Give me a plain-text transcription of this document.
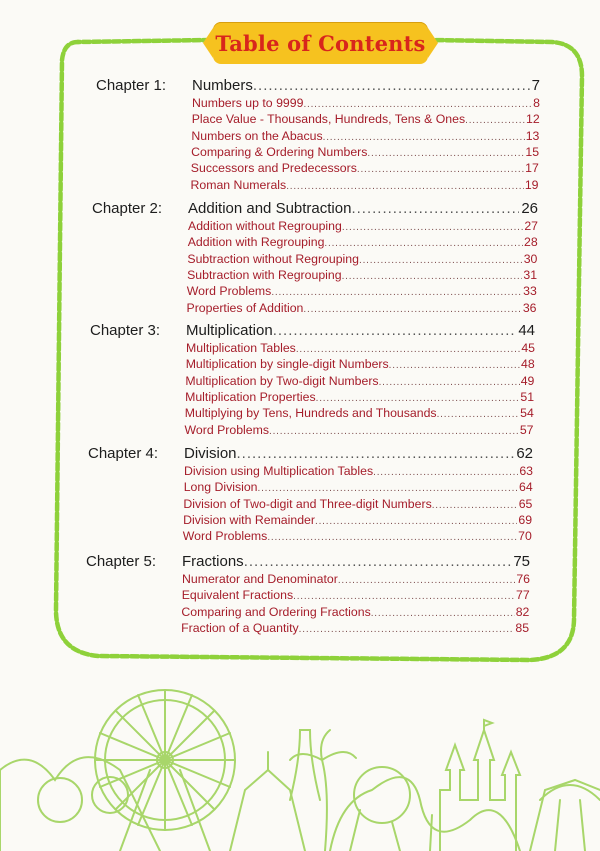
Table of Contents
Chapter 1: Numbers .....	7
Numbers up to 9999 .....	8
Place Value - Thousands, Hundreds, Tens & Ones .....	12
Numbers on the Abacus .....	13
Comparing & Ordering Numbers .....	15
Successors and Predecessors .....	17
Roman Numerals .....	19
Chapter 2: Addition and Subtraction .....	26
Addition without Regrouping .....	27
Addition with Regrouping .....	28
Subtraction without Regrouping .....	30
Subtraction with Regrouping .....	31
Word Problems .....	33
Properties of Addition .....	36
Chapter 3: Multiplication .....	44
Multiplication Tables .....	45
Multiplication by single-digit Numbers .....	48
Multiplication by Two-digit Numbers .....	49
Multiplication Properties .....	51
Multiplying by Tens, Hundreds and Thousands .....	54
Word Problems .....	57
Chapter 4: Division .....	62
Division using Multiplication Tables .....	63
Long Division .....	64
Division of Two-digit and Three-digit Numbers .....	65
Division with Remainder .....	69
Word Problems .....	70
Chapter 5: Fractions .....	75
Numerator and Denominator .....	76
Equivalent Fractions .....	77
Comparing and Ordering Fractions .....	82
Fraction of a Quantity .....	85
